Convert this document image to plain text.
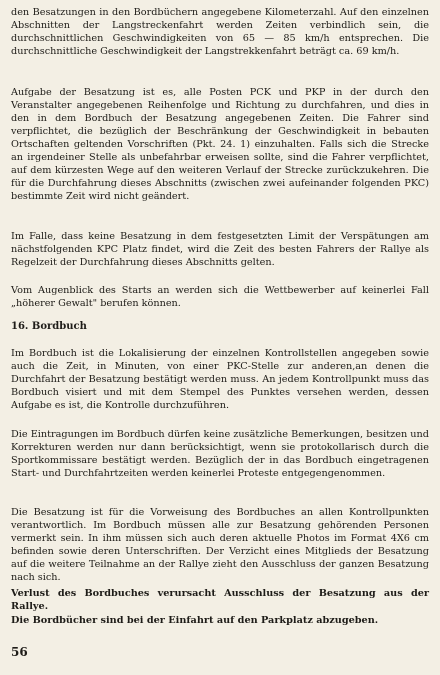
den Besatzungen in den Bordbüchern angegebene Kilometerzahl. Auf den einzelnen Abschnitten der Langstreckenfahrt werden Zeiten verbindlich sein, die durchschnittlichen Geschwindigkeiten von 65 — 85 km/h entsprechen. Die durchschnittliche Geschwindigkeit der Langstrekkenfahrt beträgt ca. 69 km/h.

Aufgabe der Besatzung ist es, alle Posten PCK und PKP in der durch den Veranstalter angegebenen Reihenfolge und Richtung zu durchfahren, und dies in den in dem Bordbuch der Besatzung angegebenen Zeiten. Die Fahrer sind verpflichtet, die bezüglich der Beschränkung der Geschwindigkeit in bebauten Ortschaften geltenden Vorschriften (Pkt. 24. 1) einzuhalten. Falls sich die Strecke an irgendeiner Stelle als unbefahrbar erweisen sollte, sind die Fahrer verpflichtet, auf dem kürzesten Wege auf den weiteren Verlauf der Strecke zurückzukehren. Die für die Durchfahrung dieses Abschnitts (zwischen zwei aufeinander folgenden PKC) bestimmte Zeit wird nicht geändert.

Im Falle, dass keine Besatzung in dem festgesetzten Limit der Verspätungen am nächstfolgenden KPC Platz findet, wird die Zeit des besten Fahrers der Rallye als Regelzeit der Durchfahrung dieses Abschnitts gelten.

Vom Augenblick des Starts an werden sich die Wettbewerber auf keinerlei Fall „höherer Gewalt" berufen können.

16. Bordbuch

Im Bordbuch ist die Lokalisierung der einzelnen Kontrollstellen angegeben sowie auch die Zeit, in Minuten, von einer PKC-Stelle zur anderen,an denen die Durchfahrt der Besatzung bestätigt werden muss. An jedem Kontrollpunkt muss das Bordbuch visiert und mit dem Stempel des Punktes versehen werden, dessen Aufgabe es ist, die Kontrolle durchzuführen.

Die Eintragungen im Bordbuch dürfen keine zusätzliche Bemerkungen, besitzen und Korrekturen werden nur dann berücksichtigt, wenn sie protokollarisch durch die Sportkommissare bestätigt werden. Bezüglich der in das Bordbuch eingetragenen Start- und Durchfahrtzeiten werden keinerlei Proteste entgegengenommen.

Die Besatzung ist für die Vorweisung des Bordbuches an allen Kontrollpunkten verantwortlich. Im Bordbuch müssen alle zur Besatzung gehörenden Personen vermerkt sein. In ihm müssen sich auch deren aktuelle Photos im Format 4X6 cm befinden sowie deren Unterschriften. Der Verzicht eines Mitglieds der Besatzung auf die weitere Teilnahme an der Rallye zieht den Ausschluss der ganzen Besatzung nach sich.

Verlust des Bordbuches verursacht Ausschluss der Besatzung aus der Rallye.

Die Bordbücher sind bei der Einfahrt auf den Parkplatz abzugeben.

56
